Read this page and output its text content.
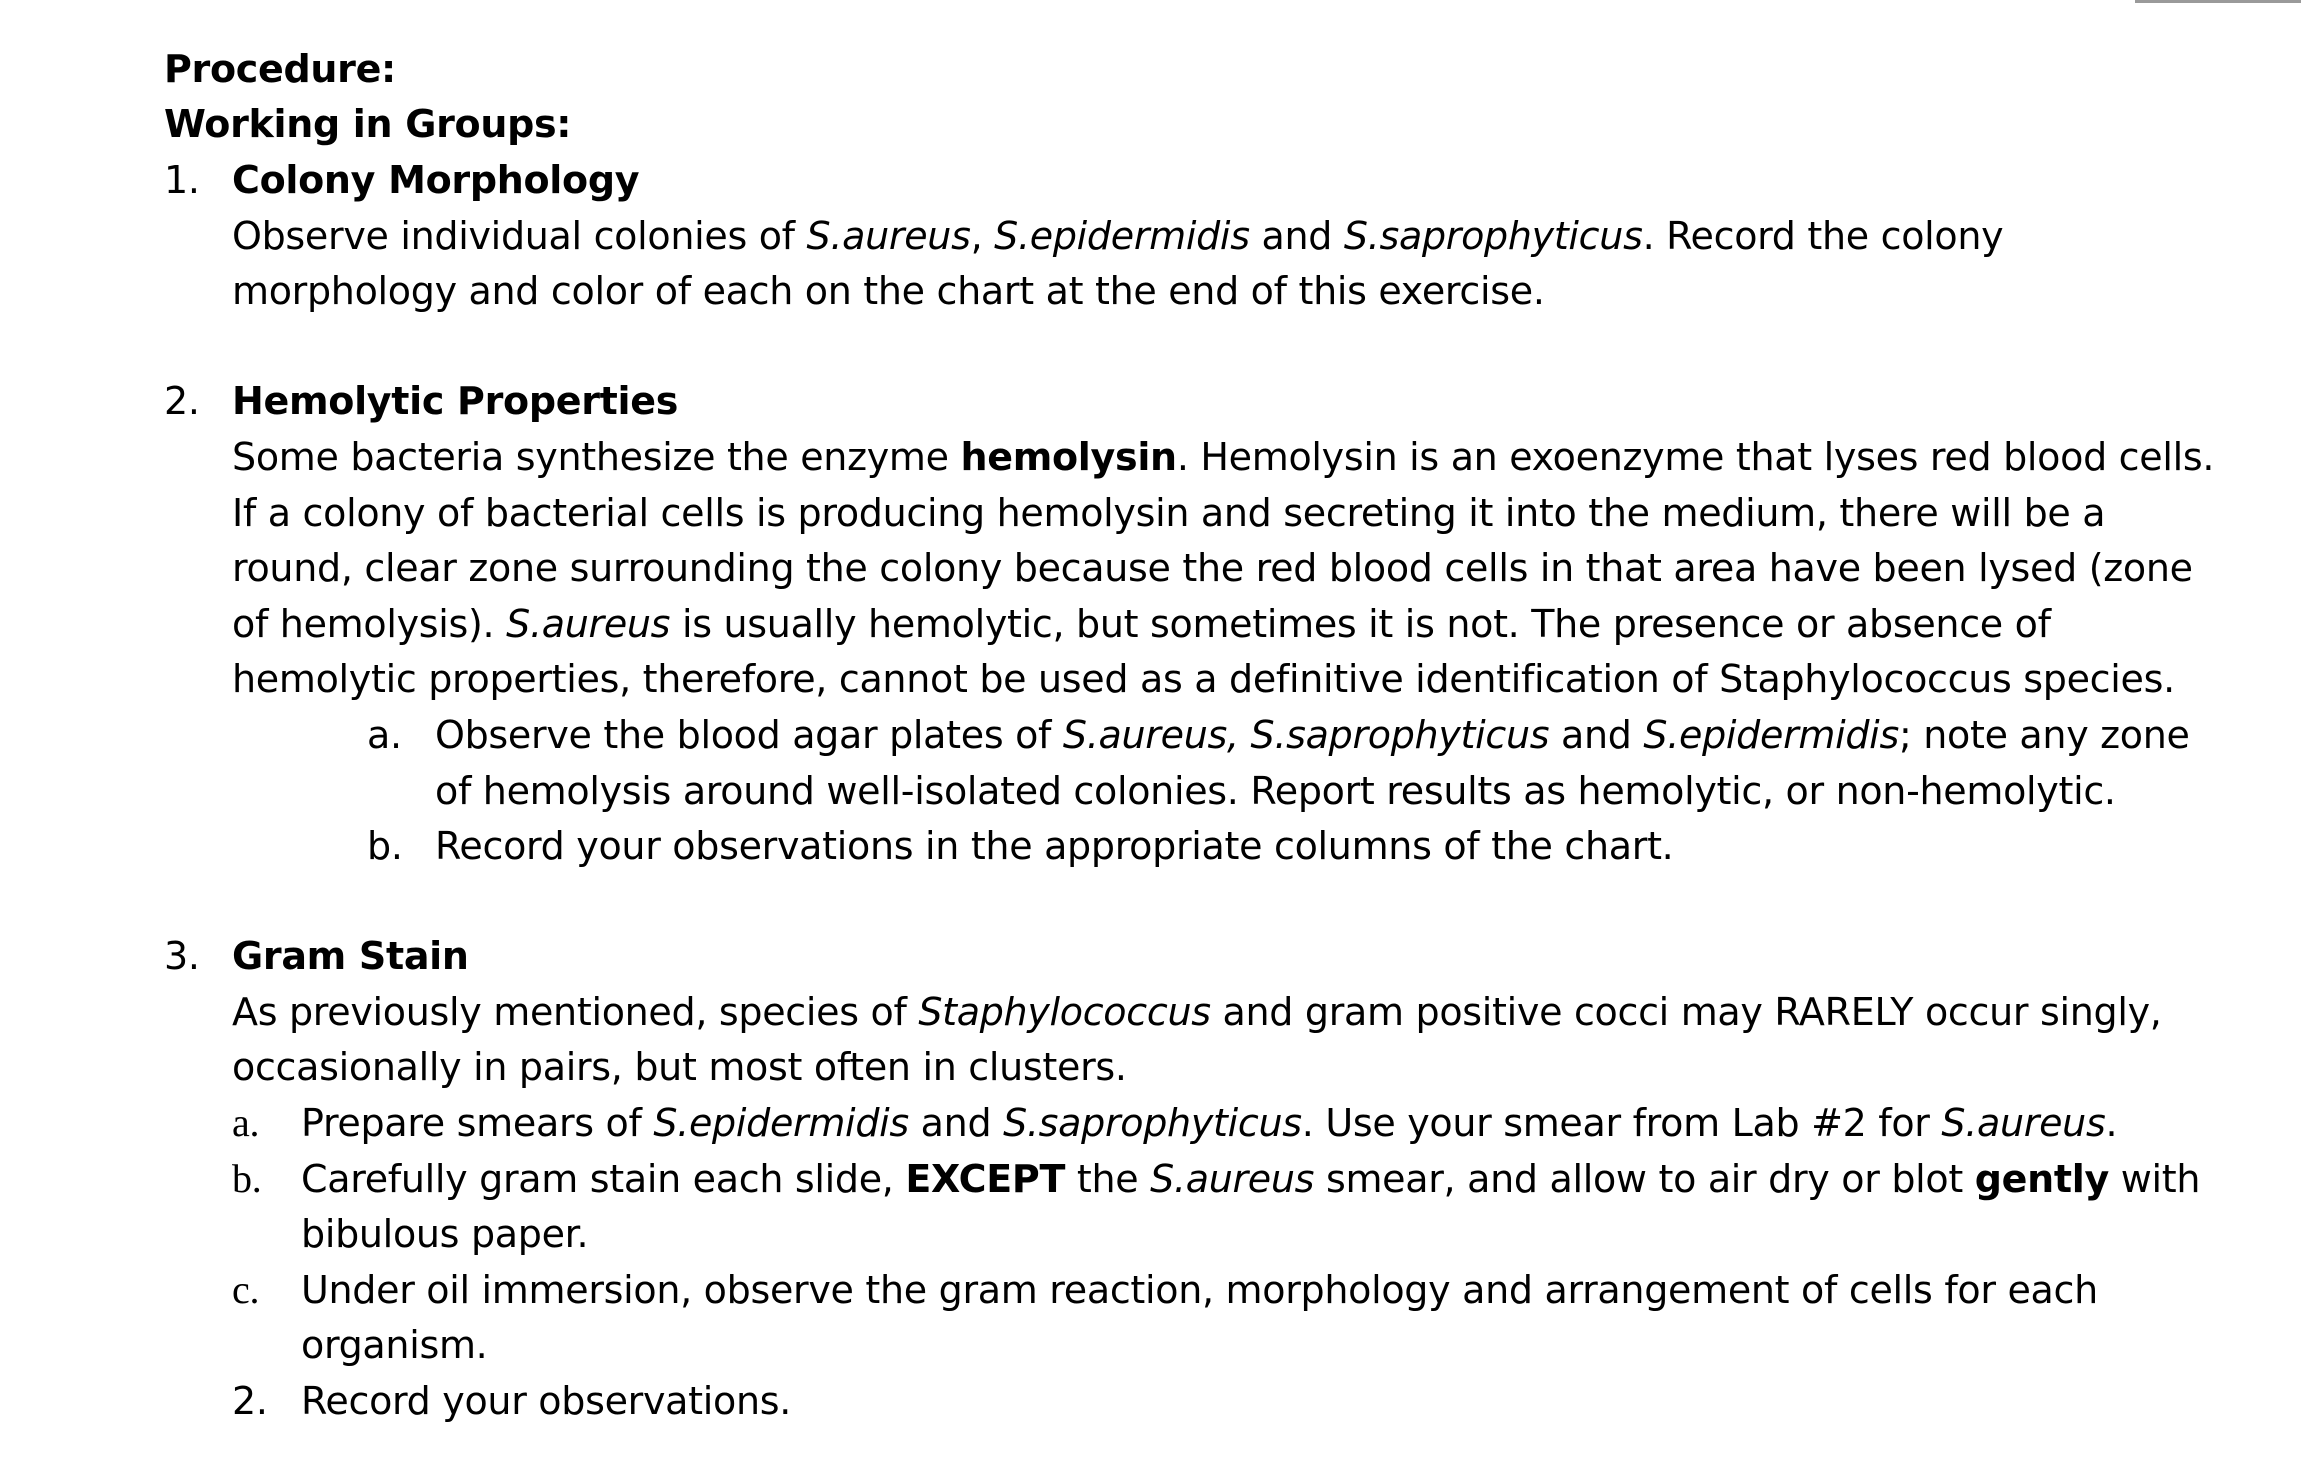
Procedure:
Working in Groups:
1. Colony Morphology
Observe individual colonies of S.aureus, S.epidermidis and S.saprophyticus. Record the colony
morphology and color of each on the chart at the end of this exercise.
2. Hemolytic Properties
Some bacteria synthesize the enzyme hemolysin. Hemolysin is an exoenzyme that lyses red blood cells.
If a colony of bacterial cells is producing hemolysin and secreting it into the medium, there will be a
round, clear zone surrounding the colony because the red blood cells in that area have been lysed (zone
of hemolysis). S.aureus is usually hemolytic, but sometimes it is not. The presence or absence of
hemolytic properties, therefore, cannot be used as a definitive identification of Staphylococcus species.
a. Observe the blood agar plates of S.aureus, S.saprophyticus and S.epidermidis; note any zone
of hemolysis around well-isolated colonies. Report results as hemolytic, or non-hemolytic.
b. Record your observations in the appropriate columns of the chart.
3. Gram Stain
As previously mentioned, species of Staphylococcus and gram positive cocci may RARELY occur singly,
occasionally in pairs, but most often in clusters.
a. Prepare smears of S.epidermidis and S.saprophyticus. Use your smear from Lab #2 for S.aureus.
b. Carefully gram stain each slide, EXCEPT the S.aureus smear, and allow to air dry or blot gently with
bibulous paper.
c. Under oil immersion, observe the gram reaction, morphology and arrangement of cells for each
organism.
2. Record your observations.
